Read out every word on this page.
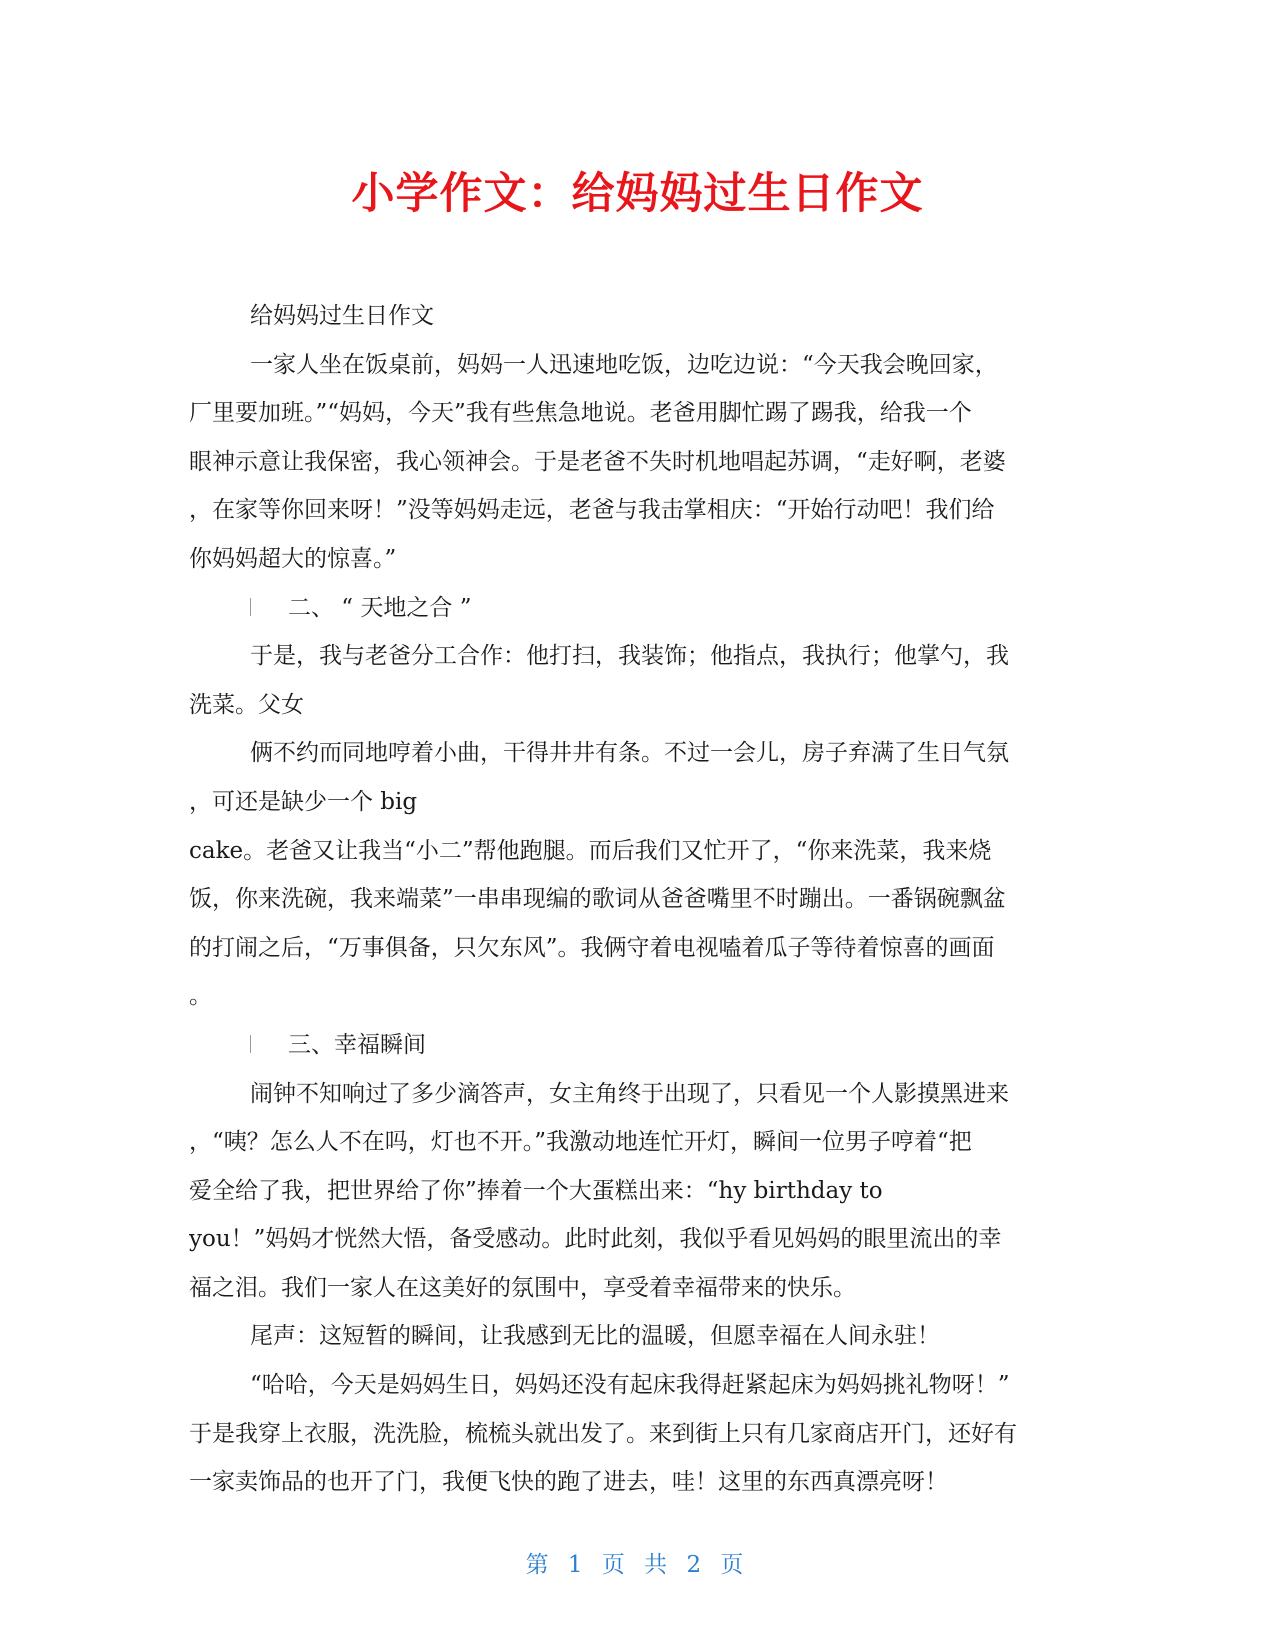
小学作文：给妈妈过生日作文
给妈妈过生日作文
一家人坐在饭桌前，妈妈一人迅速地吃饭，边吃边说：“今天我会晚回家，
厂里要加班。”“妈妈，今天”我有些焦急地说。老爸用脚忙踢了踢我，给我一个
眼神示意让我保密，我心领神会。于是老爸不失时机地唱起苏调，“走好啊，老婆
，在家等你回来呀！”没等妈妈走远，老爸与我击掌相庆：“开始行动吧！我们给
你妈妈超大的惊喜。”
二、 “ 天地之合 ”
于是，我与老爸分工合作：他打扫，我装饰；他指点，我执行；他掌勺，我
洗菜。父女
俩不约而同地哼着小曲，干得井井有条。不过一会儿，房子弃满了生日气氛
，可还是缺少一个 big
cake。老爸又让我当“小二”帮他跑腿。而后我们又忙开了，“你来洗菜，我来烧
饭，你来洗碗，我来端菜”一串串现编的歌词从爸爸嘴里不时蹦出。一番锅碗飘盆
的打闹之后，“万事俱备，只欠东风”。我俩守着电视嗑着瓜子等待着惊喜的画面
。
三、幸福瞬间
闹钟不知响过了多少滴答声，女主角终于出现了，只看见一个人影摸黑进来
，“咦？怎么人不在吗，灯也不开。”我激动地连忙开灯，瞬间一位男子哼着“把
爱全给了我，把世界给了你”捧着一个大蛋糕出来：“hy birthday to
you！”妈妈才恍然大悟，备受感动。此时此刻，我似乎看见妈妈的眼里流出的幸
福之泪。我们一家人在这美好的氛围中，享受着幸福带来的快乐。
尾声：这短暂的瞬间，让我感到无比的温暖，但愿幸福在人间永驻！
“哈哈，今天是妈妈生日，妈妈还没有起床我得赶紧起床为妈妈挑礼物呀！”
于是我穿上衣服，洗洗脸，梳梳头就出发了。来到街上只有几家商店开门，还好有
一家卖饰品的也开了门，我便飞快的跑了进去，哇！这里的东西真漂亮呀！
第 1 页 共 2 页
